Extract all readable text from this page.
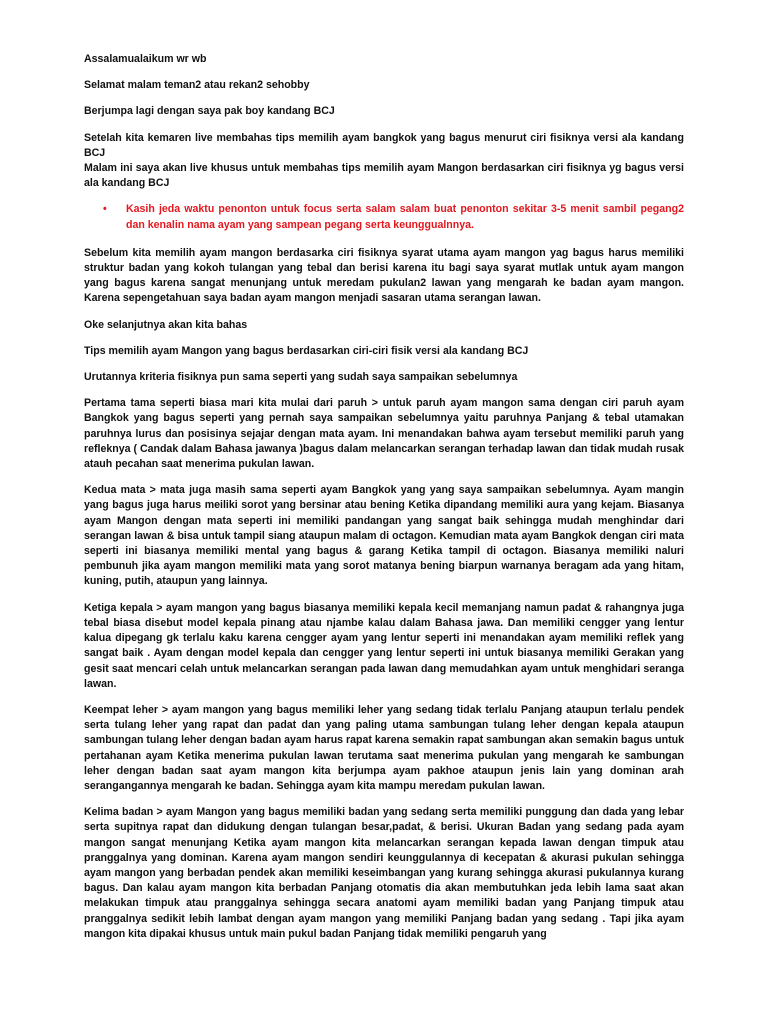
Assalamualaikum wr wb

Selamat malam teman2 atau rekan2 sehobby

Berjumpa lagi dengan saya pak boy kandang BCJ

Setelah kita kemaren live membahas tips memilih ayam bangkok yang bagus menurut ciri fisiknya versi ala kandang BCJ

Malam ini saya akan live khusus untuk membahas tips memilih ayam Mangon berdasarkan ciri fisiknya yg bagus versi ala kandang BCJ

• Kasih jeda waktu penonton untuk focus serta salam salam buat penonton sekitar 3-5 menit sambil pegang2 dan kenalin nama ayam yang sampean pegang serta keunggualnnya.

Sebelum kita memilih ayam mangon berdasarka ciri fisiknya syarat utama ayam mangon yag bagus harus memiliki struktur badan yang kokoh tulangan yang tebal dan berisi karena itu bagi saya syarat mutlak untuk ayam mangon yang bagus karena sangat menunjang untuk meredam pukulan2 lawan yang mengarah ke badan ayam mangon. Karena sepengetahuan saya badan ayam mangon menjadi sasaran utama serangan lawan.

Oke selanjutnya akan kita bahas

Tips memilih ayam Mangon yang bagus berdasarkan ciri-ciri fisik versi ala kandang BCJ

Urutannya kriteria fisiknya pun sama seperti yang sudah saya sampaikan sebelumnya

Pertama tama seperti biasa mari kita mulai dari paruh > untuk paruh ayam mangon sama dengan ciri paruh ayam Bangkok yang bagus seperti yang pernah saya sampaikan sebelumnya yaitu paruhnya Panjang & tebal utamakan paruhnya lurus dan posisinya sejajar dengan mata ayam. Ini menandakan bahwa ayam tersebut memiliki paruh yang refleknya ( Candak dalam Bahasa jawanya )bagus dalam melancarkan serangan terhadap lawan dan tidak mudah rusak atauh pecahan saat menerima pukulan lawan.

Kedua mata > mata juga masih sama seperti ayam Bangkok yang yang saya sampaikan sebelumnya. Ayam mangin yang bagus juga harus meiliki sorot yang bersinar atau bening Ketika dipandang memiliki aura yang kejam. Biasanya ayam Mangon dengan mata seperti ini memiliki pandangan yang sangat baik sehingga mudah menghindar dari serangan lawan & bisa untuk tampil siang ataupun malam di octagon. Kemudian mata ayam Bangkok dengan ciri mata seperti ini biasanya memiliki mental yang bagus & garang Ketika tampil di octagon. Biasanya memiliki naluri pembunuh jika ayam mangon memiliki mata yang sorot matanya bening biarpun warnanya beragam ada yang hitam, kuning, putih, ataupun yang lainnya.

Ketiga kepala > ayam mangon yang bagus biasanya memiliki kepala kecil memanjang namun padat & rahangnya juga tebal biasa disebut model kepala pinang atau njambe kalau dalam Bahasa jawa. Dan memiliki cengger yang lentur kalua dipegang gk terlalu kaku karena cengger ayam yang lentur seperti ini menandakan ayam memiliki reflek yang sangat baik . Ayam dengan model kepala dan cengger yang lentur seperti ini untuk biasanya memiliki Gerakan yang gesit saat mencari celah untuk melancarkan serangan pada lawan dang memudahkan ayam untuk menghidari seranga lawan.

Keempat leher > ayam mangon yang bagus memiliki leher yang sedang tidak terlalu Panjang ataupun terlalu pendek serta tulang leher yang rapat dan padat dan yang paling utama sambungan tulang leher dengan kepala ataupun sambungan tulang leher dengan badan ayam harus rapat karena semakin rapat sambungan akan semakin bagus untuk pertahanan ayam Ketika menerima pukulan lawan terutama saat menerima pukulan yang mengarah ke sambungan leher dengan badan saat ayam mangon kita berjumpa ayam pakhoe ataupun jenis lain yang dominan arah serangangannya mengarah ke badan. Sehingga ayam kita mampu meredam pukulan lawan.

Kelima badan > ayam Mangon yang bagus memiliki badan yang sedang serta memiliki punggung dan dada yang lebar serta supitnya rapat dan didukung dengan tulangan besar,padat, & berisi. Ukuran Badan yang sedang pada ayam mangon sangat menunjang Ketika ayam mangon kita melancarkan serangan kepada lawan dengan timpuk atau pranggalnya yang dominan. Karena ayam mangon sendiri keunggulannya di kecepatan & akurasi pukulan sehingga ayam mangon yang berbadan pendek akan memiliki keseimbangan yang kurang sehingga akurasi pukulannya kurang bagus. Dan kalau ayam mangon kita berbadan Panjang otomatis dia akan membutuhkan jeda lebih lama saat akan melakukan timpuk atau pranggalnya sehingga secara anatomi ayam memiliki badan yang Panjang timpuk atau pranggalnya sedikit lebih lambat dengan ayam mangon yang memiliki Panjang badan yang sedang . Tapi jika ayam mangon kita dipakai khusus untuk main pukul badan Panjang tidak memiliki pengaruh yang
